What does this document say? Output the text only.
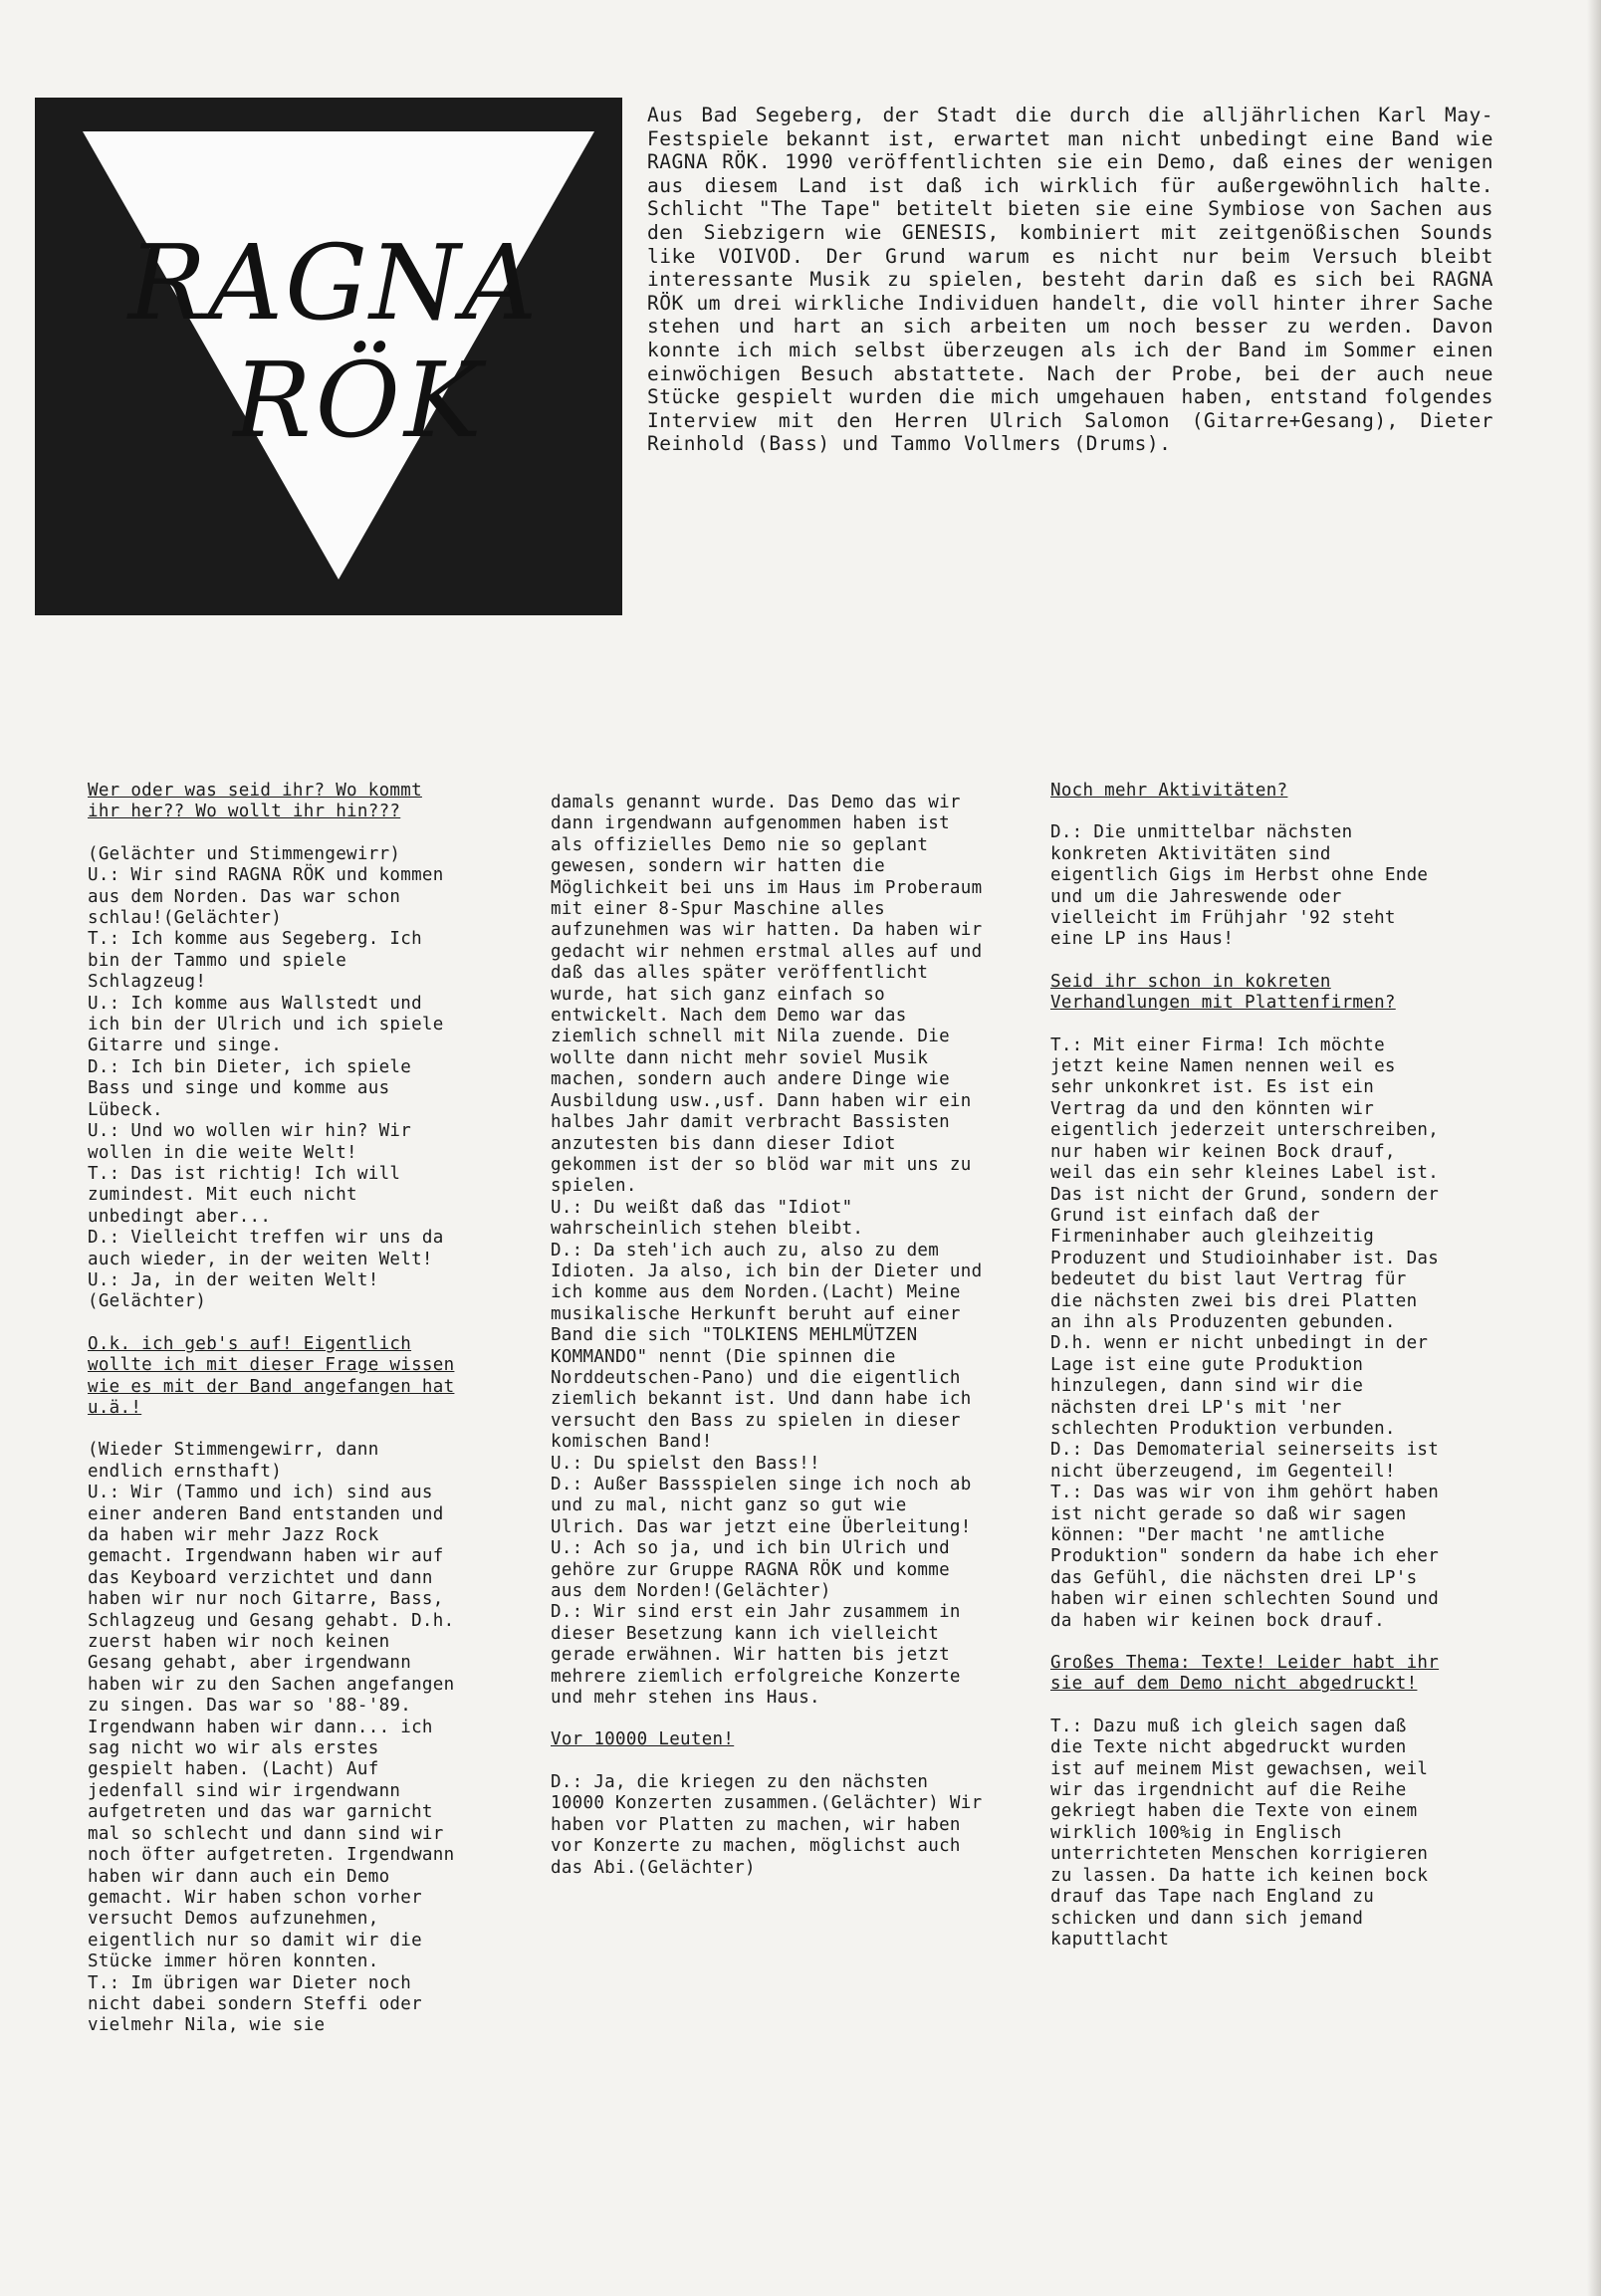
RAGNA
RÖK

Aus Bad Segeberg, der Stadt die durch die alljährlichen Karl May-Festspiele bekannt ist, erwartet man nicht unbedingt eine Band wie RAGNA RÖK. 1990 veröffentlichten sie ein Demo, daß eines der wenigen aus diesem Land ist daß ich wirklich für außergewöhnlich halte. Schlicht "The Tape" betitelt bieten sie eine Symbiose von Sachen aus den Siebzigern wie GENESIS, kombiniert mit zeitgenößischen Sounds like VOIVOD. Der Grund warum es nicht nur beim Versuch bleibt interessante Musik zu spielen, besteht darin daß es sich bei RAGNA RÖK um drei wirkliche Individuen handelt, die voll hinter ihrer Sache stehen und hart an sich arbeiten um noch besser zu werden. Davon konnte ich mich selbst überzeugen als ich der Band im Sommer einen einwöchigen Besuch abstattete. Nach der Probe, bei der auch neue Stücke gespielt wurden die mich umgehauen haben, entstand folgendes Interview mit den Herren Ulrich Salomon (Gitarre+Gesang), Dieter Reinhold (Bass) und Tammo Vollmers (Drums).

Wer oder was seid ihr? Wo kommt ihr her?? Wo wollt ihr hin???

(Gelächter und Stimmengewirr)
U.: Wir sind RAGNA RÖK und kommen aus dem Norden. Das war schon schlau!(Gelächter)
T.: Ich komme aus Segeberg. Ich bin der Tammo und spiele Schlagzeug!
U.: Ich komme aus Wallstedt und ich bin der Ulrich und ich spiele Gitarre und singe.
D.: Ich bin Dieter, ich spiele Bass und singe und komme aus Lübeck.
U.: Und wo wollen wir hin? Wir wollen in die weite Welt!
T.: Das ist richtig! Ich will zumindest. Mit euch nicht unbedingt aber...
D.: Vielleicht treffen wir uns da auch wieder, in der weiten Welt!
U.: Ja, in der weiten Welt! (Gelächter)

O.k. ich geb's auf! Eigentlich wollte ich mit dieser Frage wissen wie es mit der Band angefangen hat u.ä.!

(Wieder Stimmengewirr, dann endlich ernsthaft)
U.: Wir (Tammo und ich) sind aus einer anderen Band entstanden und da haben wir mehr Jazz Rock gemacht. Irgendwann haben wir auf das Keyboard verzichtet und dann haben wir nur noch Gitarre, Bass, Schlagzeug und Gesang gehabt. D.h. zuerst haben wir noch keinen Gesang gehabt, aber irgendwann haben wir zu den Sachen angefangen zu singen. Das war so '88-'89. Irgendwann haben wir dann... ich sag nicht wo wir als erstes gespielt haben. (Lacht) Auf jedenfall sind wir irgendwann aufgetreten und das war garnicht mal so schlecht und dann sind wir noch öfter aufgetreten. Irgendwann haben wir dann auch ein Demo gemacht. Wir haben schon vorher versucht Demos aufzunehmen, eigentlich nur so damit wir die Stücke immer hören konnten.
T.: Im übrigen war Dieter noch nicht dabei sondern Steffi oder vielmehr Nila, wie sie

damals genannt wurde. Das Demo das wir dann irgendwann aufgenommen haben ist als offizielles Demo nie so geplant gewesen, sondern wir hatten die Möglichkeit bei uns im Haus im Proberaum mit einer 8-Spur Maschine alles aufzunehmen was wir hatten. Da haben wir gedacht wir nehmen erstmal alles auf und daß das alles später veröffentlicht wurde, hat sich ganz einfach so entwickelt. Nach dem Demo war das ziemlich schnell mit Nila zuende. Die wollte dann nicht mehr soviel Musik machen, sondern auch andere Dinge wie Ausbildung usw.,usf. Dann haben wir ein halbes Jahr damit verbracht Bassisten anzutesten bis dann dieser Idiot gekommen ist der so blöd war mit uns zu spielen.
U.: Du weißt daß das "Idiot" wahrscheinlich stehen bleibt.
D.: Da steh'ich auch zu, also zu dem Idioten. Ja also, ich bin der Dieter und ich komme aus dem Norden.(Lacht) Meine musikalische Herkunft beruht auf einer Band die sich "TOLKIENS MEHLMÜTZEN KOMMANDO" nennt (Die spinnen die Norddeutschen-Pano) und die eigentlich ziemlich bekannt ist. Und dann habe ich versucht den Bass zu spielen in dieser komischen Band!
U.: Du spielst den Bass!!
D.: Außer Bassspielen singe ich noch ab und zu mal, nicht ganz so gut wie Ulrich. Das war jetzt eine Überleitung!
U.: Ach so ja, und ich bin Ulrich und gehöre zur Gruppe RAGNA RÖK und komme aus dem Norden!(Gelächter)
D.: Wir sind erst ein Jahr zusammem in dieser Besetzung kann ich vielleicht gerade erwähnen. Wir hatten bis jetzt mehrere ziemlich erfolgreiche Konzerte und mehr stehen ins Haus.

Vor 10000 Leuten!

D.: Ja, die kriegen zu den nächsten 10000 Konzerten zusammen.(Gelächter) Wir haben vor Platten zu machen, wir haben vor Konzerte zu machen, möglichst auch das Abi.(Gelächter)

Noch mehr Aktivitäten?

D.: Die unmittelbar nächsten konkreten Aktivitäten sind eigentlich Gigs im Herbst ohne Ende und um die Jahreswende oder vielleicht im Frühjahr '92 steht eine LP ins Haus!

Seid ihr schon in kokreten Verhandlungen mit Plattenfirmen?

T.: Mit einer Firma! Ich möchte jetzt keine Namen nennen weil es sehr unkonkret ist. Es ist ein Vertrag da und den könnten wir eigentlich jederzeit unterschreiben, nur haben wir keinen Bock drauf, weil das ein sehr kleines Label ist. Das ist nicht der Grund, sondern der Grund ist einfach daß der Firmeninhaber auch gleihzeitig Produzent und Studioinhaber ist. Das bedeutet du bist laut Vertrag für die nächsten zwei bis drei Platten an ihn als Produzenten gebunden. D.h. wenn er nicht unbedingt in der Lage ist eine gute Produktion hinzulegen, dann sind wir die nächsten drei LP's mit 'ner schlechten Produktion verbunden.
D.: Das Demomaterial seinerseits ist nicht überzeugend, im Gegenteil!
T.: Das was wir von ihm gehört haben ist nicht gerade so daß wir sagen können: "Der macht 'ne amtliche Produktion" sondern da habe ich eher das Gefühl, die nächsten drei LP's haben wir einen schlechten Sound und da haben wir keinen bock drauf.

Großes Thema: Texte! Leider habt ihr sie auf dem Demo nicht abgedruckt!

T.: Dazu muß ich gleich sagen daß die Texte nicht abgedruckt wurden ist auf meinem Mist gewachsen, weil wir das irgendnicht auf die Reihe gekriegt haben die Texte von einem wirklich 100%ig in Englisch unterrichteten Menschen korrigieren zu lassen. Da hatte ich keinen bock drauf das Tape nach England zu schicken und dann sich jemand kaputtlacht
